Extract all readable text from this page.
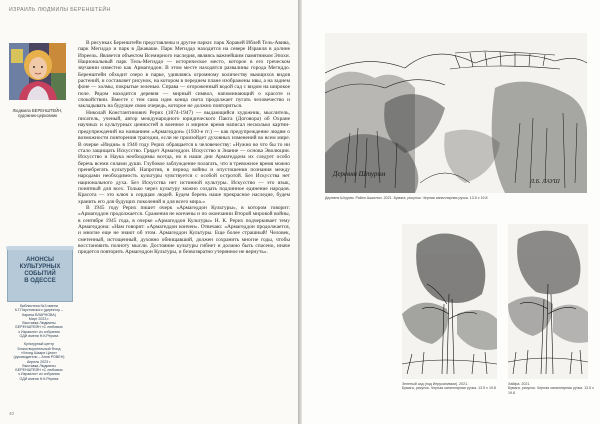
ИЗРАИЛЬ ЛЮДМИЛЫ БЕРЕНШТЕЙН
Людмила БЕРЕНШТЕЙН,
художник-церковник

В рисунках Беренштейн представлены и другие парки: парк Хоракей Иблей Тель-Авива, парк Мегиддо и парк в Джаваше. Парк Мегиддо находится на севере Израиля в долине Изреель. Является объектом Всемирного наследия, являясь важнейшим памятником Эпохи. Национальный парк Тель-Мегиддо — историческое место, которое в его греческом звучании известно как Армагеддон. В этом месте находятся развалины города Мегиддо. Беренштейн обходит озеро в парке, удивляясь огромному количеству вьющихся видов растений, и составляет рисунок, на котором в переднем плане изображены ивы, а на заднем фоне — холмы, покрытые зеленью. Справа — огороженный водой сад с видом на широкое поле. Рядом находится деревня — мирный символ, напоминающий о красоте и спокойствии. Вместе с тем сама идея конца света продолжает пугать человечество и закладывать на будущее свою очередь, которое не должно повториться.

Николай Константинович Рерих (1874-1947) — выдающийся художник, мыслитель, писатель, ученый, автор международного юридического Пакта (Договора) об Охране научных и культурных ценностей в военное и мирное время написал несколько картин-предупреждений на названием «Армагеддон» (1930-е гг.) — как предупреждение людям о возможности повторения трагедии, если не произойдет духовных изменений во всем мире. В очерке «Индия» в 1940 году Рерих обращается к человечеству: «Нужно во что бы то ни стало защищать Искусство. Грядет Армагеддон. Искусство и Знание — основа Эволюции. Искусство и Наука необходимы всегда, но в наши дни Армагеддона их следует особо беречь всеми силами души. Глубокое заблуждение полагать, что в тревожное время можно пренебрегать культурой. Напротив, в период войны и опустошения познания между народами необходимость культуры чувствуется с особой остротой. Без Искусства нет национального духа. Без Искусства нет истинной культуры. Искусство — это язык, понятный для всех. Только через культуру можно создать подлинное единение народов. Красота — это ключ к сердцам людей. Будем беречь наше прекрасное наследие, будем хранить его для будущих поколений и для всего мира.»

В 1945 году Рерих пишет очерк «Армагеддон Культуры», в котором говорит: «Армагеддон продолжается. Сражения не кончены и по окончании Второй мировой войны, в сентябре 1945 года, в очерке «Армагеддон Культуры» Н. К. Рерих подчеркивает тему Армагеддона: «Нам говорят: «Армагеддон кончен». Отвечаю: «Армагеддон продолжается, и многие еще не знают об этом. Армагеддон Культуры. Еще более страшный! Человек, сметенный, истощенный, духовно обнищавший, должен сохранить многие годы, чтобы восстановить полноту мысли. Достояние культуры гибнет и должно быть спасено, иначе придется повторить Армагеддон Культуры, и безвозвратно утерянное не вернуть».

АНОНСЫ
КУЛЬТУРНЫХ
СОБЫТИЙ
В ОДЕССЕ
Библиотека №3 имени
К.Г.Паустовского (директор –
Карина ВЛАРНОВА)
Март 2023 г.
Выставка Людмилы
БЕРЕНШТЕЙН «С любовью
к Израилю» из собрания
ОДИ имени Н.К.Рериха
Культурный центр
Благотворительный Фонд
«Хесед Шааре Цион»
(руководитель – Анна РОВЕН)
Апрель 2023 г.
Выставка Людмилы
БЕРЕНШТЕЙН «С любовью
к Израилю» из собрания
ОДИ имени Н.К.Рериха
40
Деревня Штурим
Л.Б. ЛАУШ
Деревня Штурим. Район Ашкелон. 2021. Бумага, рисунок. Черная капиллярная ручка. 13.5 х 19.8
Зеленый сад (под Иерусалимом). 2021.
Бумага, рисунок. Черная капиллярная ручка. 13.5 х 19.8
Хайфа. 2021.
Бумага, рисунок. Черная капиллярная ручка. 13.5 х 19.8
